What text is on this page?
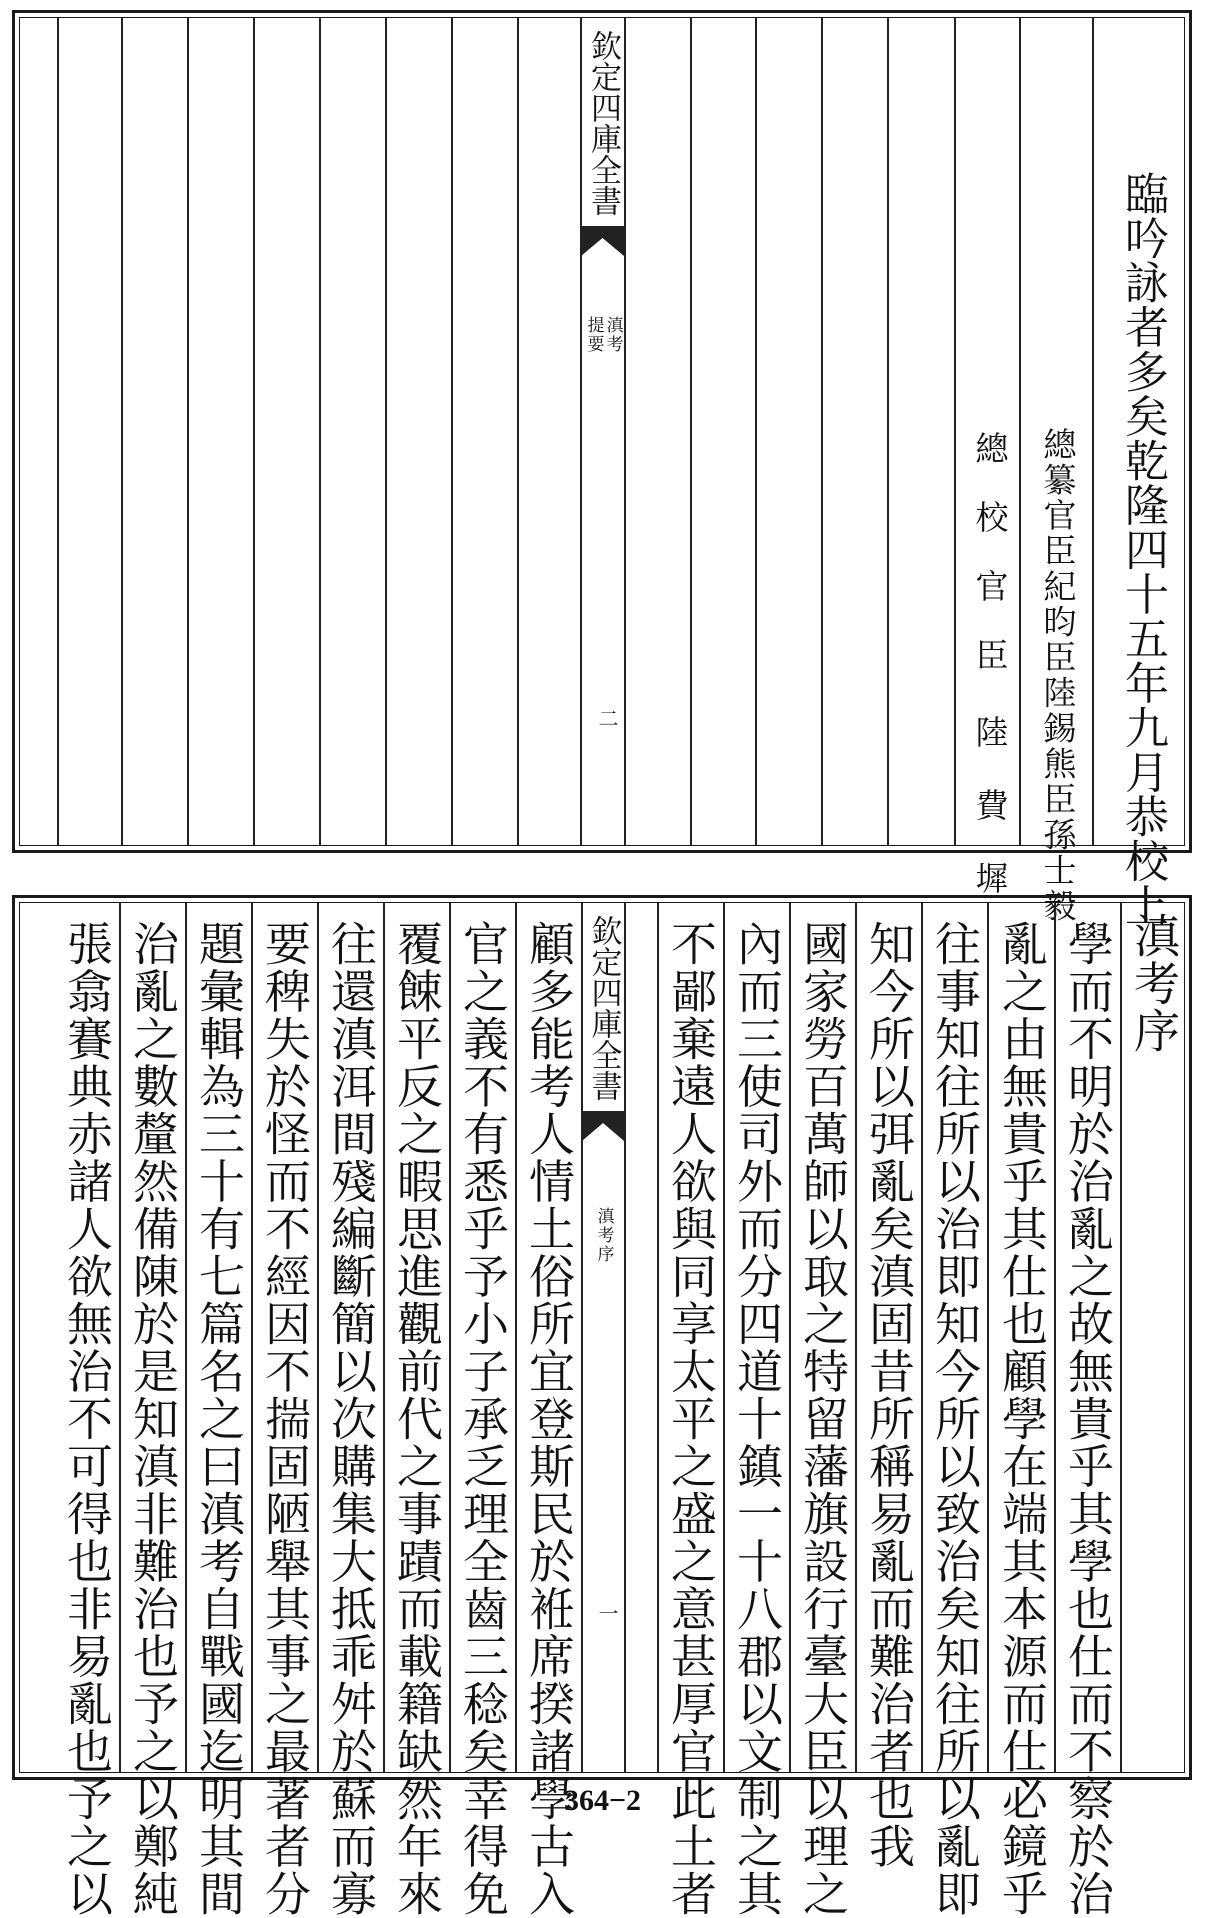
臨吟詠者多矣乾隆四十五年九月恭校上
總纂官臣紀昀臣陸錫熊臣孫士毅
總校官臣
陸費墀
欽定四庫全書
滇考
提要
二
滇考序
學而不明於治亂之故無貴乎其學也仕而不察於治
亂之由無貴乎其仕也顧學在端其本源而仕必鏡乎
往事知往所以治即知今所以致治矣知往所以亂即
知今所以弭亂矣滇固昔所稱易亂而難治者也我
國家勞百萬師以取之特留藩旗設行臺大臣以理之
內而三使司外而分四道十鎮一十八郡以文制之其
不鄙棄遠人欲與同享太平之盛之意甚厚官此土者
欽定四庫全書
滇考序
一
顧多能考人情土俗所宜登斯民於袵席揆諸學古入
官之義不有悉乎予小子承乏理全齒三稔矣幸得免
覆餗平反之暇思進觀前代之事蹟而載籍缺然年來
往還滇洱間殘編斷簡以次購集大抵乖舛於蘇而寡
要稗失於怪而不經因不揣固陋舉其事之最著者分
題彙輯為三十有七篇名之曰滇考自戰國迄明其間
治亂之數釐然備陳於是知滇非難治也予之以鄭純
張翕賽典赤諸人欲無治不可得也非易亂也予之以	364−2
